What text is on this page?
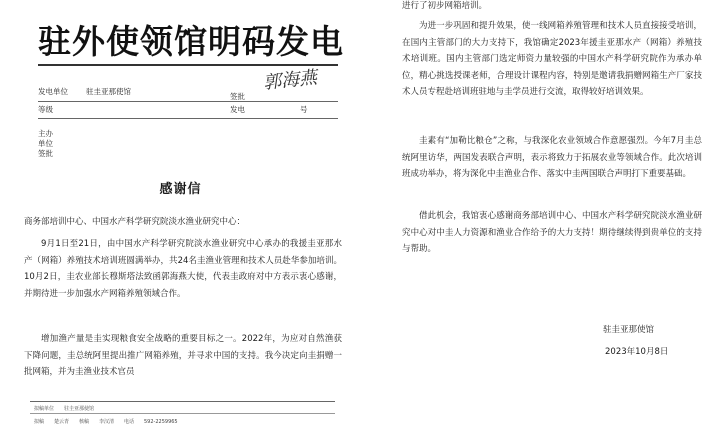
驻外使领馆明码发电
发电单位 驻圭亚那使馆
签批
郭海燕
等级	发电	号
主办
单位
签批
感谢信
商务部培训中心、中国水产科学研究院淡水渔业研究中心：
9月1日至21日，由中国水产科学研究院淡水渔业研究中心承办的我援圭亚那水产（网箱）养殖技术培训班圆满举办，共24名圭渔业管理和技术人员赴华参加培训。10月2日，圭农业部长穆斯塔法致函郭海燕大使，代表圭政府对中方表示衷心感谢，并期待进一步加强水产网箱养殖领域合作。
增加渔产量是圭实现粮食安全战略的重要目标之一。2022年，为应对自然渔获下降问题，圭总统阿里提出推广网箱养殖，并寻求中国的支持。我今决定向圭捐赠一批网箱，并为圭渔业技术官员
拟稿单位　　驻圭亚那使馆
拟稿　　楚云青　　核稿　　李汉清　　电话　　592-2259965
进行了初步网箱培训。
为进一步巩固和提升效果，使一线网箱养殖管理和技术人员直接接受培训，在国内主管部门的大力支持下，我馆确定2023年援圭亚那水产（网箱）养殖技术培训班。国内主管部门选定师资力量较强的中国水产科学研究院作为承办单位，精心挑选授课老师，合理设计课程内容，特别是邀请我捐赠网箱生产厂家技术人员专程赴培训班驻地与圭学员进行交流，取得较好培训效果。
圭素有“加勒比粮仓”之称，与我深化农业领域合作意愿强烈。今年7月圭总统阿里访华，两国发表联合声明，表示将致力于拓展农业等领域合作。此次培训班成功举办，将为深化中圭渔业合作、落实中圭两国联合声明打下重要基础。
借此机会，我馆衷心感谢商务部培训中心、中国水产科学研究院淡水渔业研究中心对中圭人力资源和渔业合作给予的大力支持！期待继续得到贵单位的支持与帮助。
驻圭亚那使馆
2023年10月8日
